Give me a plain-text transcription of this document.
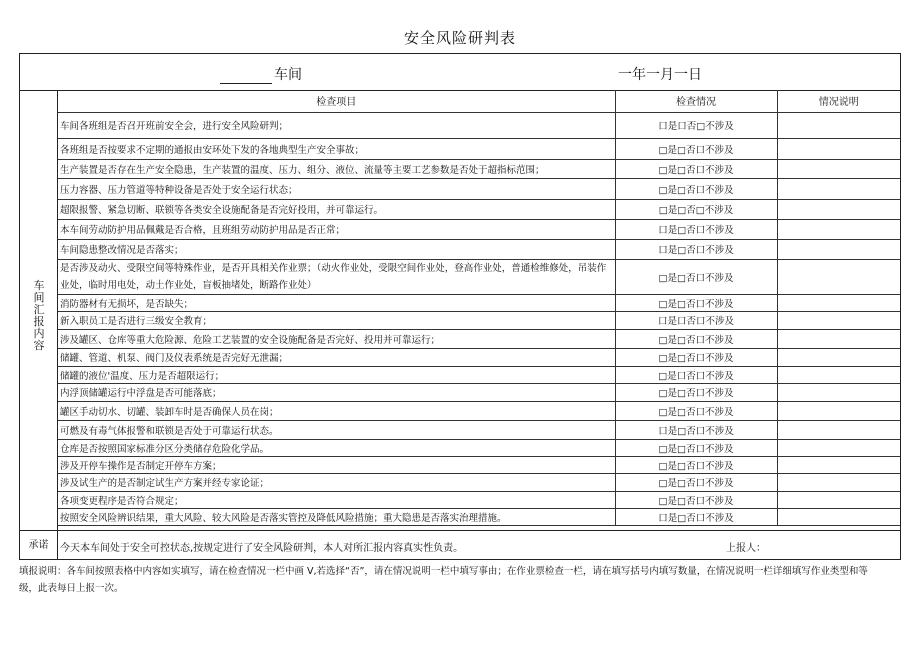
安全风险研判表
车间	一年一月一日
车
间
汇
报
内
容
检查项目	检查情况	情况说明
车间各班组是否召开班前安全会，进行安全风险研判；	口是口否□不涉及	
各班组是否按要求不定期的通报由安环处下发的各地典型生产安全事故；	□是□否口不涉及	
生产装置是否存在生产安全隐患，生产装置的温度、压力、组分、液位、流量等主要工艺参数是否处于超指标范围；	□是□否口不涉及	
压力容器、压力管道等特种设备是否处于安全运行状态；	□是□否口不涉及	
超限报警、紧急切断、联锁等各类安全设施配备是否完好投用，并可靠运行。	□是□否□不涉及	
本车间劳动防护用品佩戴是否合格，且班组劳动防护用品是否正常；	口是□否口不涉及	
车间隐患整改情况是否落实；	口是□否口不涉及	
是否涉及动火、受限空间等特殊作业，是否开具相关作业票；（动火作业处，受限空间作业处，登高作业处，普通检维修处，吊装作业处，临时用电处，动土作业处，盲板抽堵处，断路作业处）	□是□否口不涉及	
消防器材有无损坏，是否缺失；	□是□否口不涉及	
新入职员工是否进行三级安全教育；	口是口否口不涉及	
涉及罐区、仓库等重大危险源、危险工艺装置的安全设施配备是否完好、投用并可靠运行；	□是□否口不涉及	
储罐、管道、机泵、阀门及仪表系统是否完好无泄漏；	□是□否口不涉及	
储罐的液位'温度、压力是否超限运行；	□是口否口不涉及	
内浮顶储罐运行中浮盘是否可能落底；	□是□否口不涉及	
罐区手动切水、切罐、装卸车时是否确保人员在岗；	□是□否口不涉及	
可燃及有毒气体报警和联锁是否处于可靠运行状态。	口是□否口不涉及	
仓库是否按照国家标准分区分类储存危险化学品。	□是□否口不涉及	
涉及开停车操作是否制定开停车方案；	□是□否口不涉及	
涉及试生产的是否制定试生产方案并经专家论证；	□是□否口不涉及	
各项变更程序是否符合规定；	□是□否口不涉及	
按照安全风险辨识结果，重大风险、较大风险是否落实管控及降低风险措施；重大隐患是否落实治理措施。	口是□否口不涉及	
承诺	今天本车间处于安全可控状态,按规定进行了安全风险研判，本人对所汇报内容真实性负责。	上报人：
填报说明：各车间按照表格中内容如实填写，请在检查情况一栏中画 V,若选择“否”，请在情况说明一栏中填写事由；在作业票检查一栏，请在填写括号内填写数量，在情况说明一栏详细填写作业类型和等级，此表每日上报一次。
